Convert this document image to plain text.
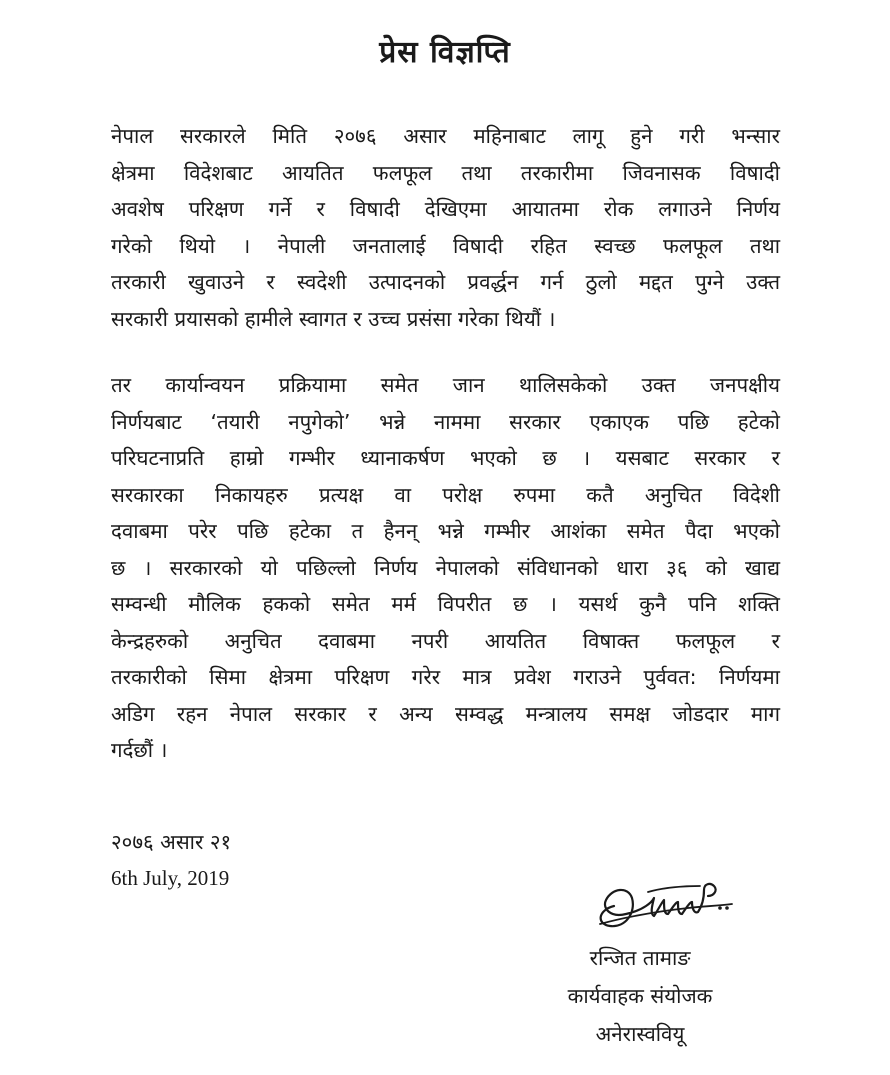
प्रेस विज्ञप्ति
नेपाल सरकारले मिति २०७६ असार महिनाबाट लागू हुने गरी भन्सार
क्षेत्रमा विदेशबाट आयतित फलफूल तथा तरकारीमा जिवनासक विषादी
अवशेष परिक्षण गर्ने र विषादी देखिएमा आयातमा रोक लगाउने निर्णय
गरेको थियो । नेपाली जनतालाई विषादी रहित स्वच्छ फलफूल तथा
तरकारी खुवाउने र स्वदेशी उत्पादनको प्रवर्द्धन गर्न ठुलो मद्दत पुग्ने उक्त
सरकारी प्रयासको हामीले स्वागत र उच्च प्रसंसा गरेका थियौं ।
तर कार्यान्वयन प्रक्रियामा समेत जान थालिसकेको उक्त जनपक्षीय
निर्णयबाट ‘तयारी नपुगेको’ भन्ने नाममा सरकार एकाएक पछि हटेको
परिघटनाप्रति हाम्रो गम्भीर ध्यानाकर्षण भएको छ । यसबाट सरकार र
सरकारका निकायहरु प्रत्यक्ष वा परोक्ष रुपमा कतै अनुचित विदेशी
दवाबमा परेर पछि हटेका त हैनन् भन्ने गम्भीर आशंका समेत पैदा भएको
छ । सरकारको यो पछिल्लो निर्णय नेपालको संविधानको धारा ३६ को खाद्य
सम्वन्धी मौलिक हकको समेत मर्म विपरीत छ । यसर्थ कुनै पनि शक्ति
केन्द्रहरुको अनुचित दवाबमा नपरी आयतित विषाक्त फलफूल र
तरकारीको सिमा क्षेत्रमा परिक्षण गरेर मात्र प्रवेश गराउने पुर्ववत: निर्णयमा
अडिग रहन नेपाल सरकार र अन्य सम्वद्ध मन्त्रालय समक्ष जोडदार माग
गर्दछौं ।
२०७६ असार २१
6th July, 2019
रन्जित तामाङ
कार्यवाहक संयोजक
अनेरास्ववियू
